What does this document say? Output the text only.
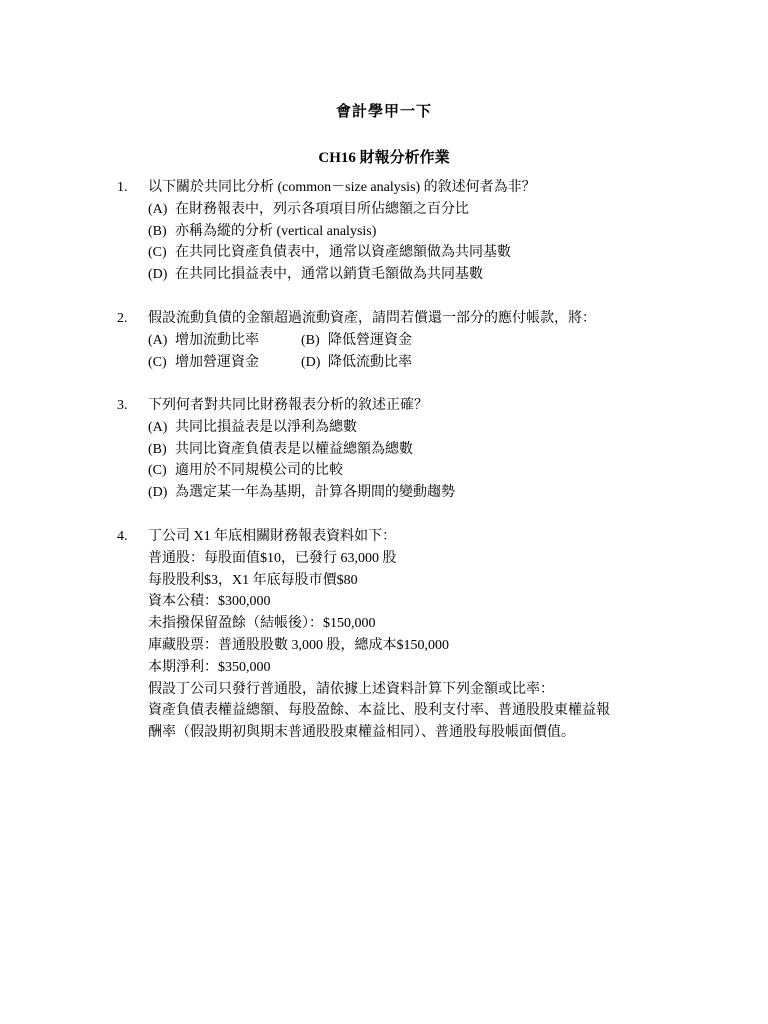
會計學甲一下
CH16 財報分析作業
1. 以下關於共同比分析 (common－size analysis) 的敘述何者為非？
(A) 在財務報表中，列示各項項目所佔總額之百分比
(B) 亦稱為縱的分析 (vertical analysis)
(C) 在共同比資產負債表中，通常以資產總額做為共同基數
(D) 在共同比損益表中，通常以銷貨毛額做為共同基數
2. 假設流動負債的金額超過流動資產，請問若償還一部分的應付帳款，將：
(A) 增加流動比率	(B) 降低營運資金
(C) 增加營運資金	(D) 降低流動比率
3. 下列何者對共同比財務報表分析的敘述正確？
(A) 共同比損益表是以淨利為總數
(B) 共同比資產負債表是以權益總額為總數
(C) 適用於不同規模公司的比較
(D) 為選定某一年為基期，計算各期間的變動趨勢
4. 丁公司 X1 年底相關財務報表資料如下：
普通股：每股面值$10，已發行 63,000 股
每股股利$3，X1 年底每股市價$80
資本公積：$300,000
未指撥保留盈餘（結帳後）：$150,000
庫藏股票：普通股股數 3,000 股，總成本$150,000
本期淨利：$350,000
假設丁公司只發行普通股，請依據上述資料計算下列金額或比率：
資產負債表權益總額、每股盈餘、本益比、股利支付率、普通股股東權益報
酬率（假設期初與期末普通股股東權益相同）、普通股每股帳面價值。
